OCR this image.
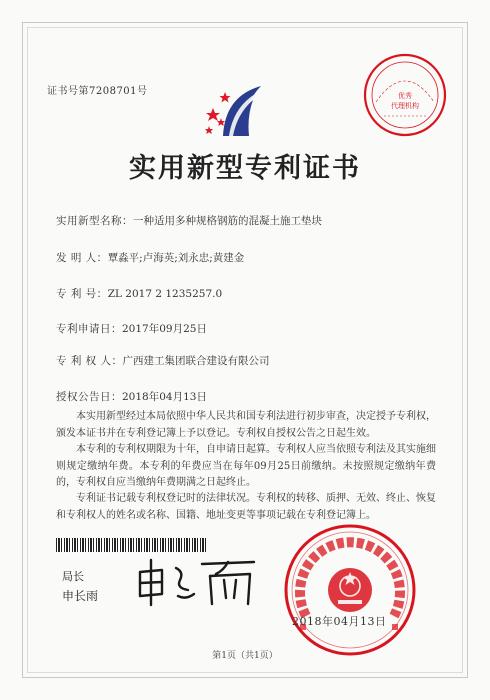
证书号第7208701号	优秀
代理机构
实用新型专利证书
实用新型名称：一种适用多种规格钢筋的混凝土施工垫块
发 明 人：覃淼平;卢海英;刘永忠;黄建金
专 利 号：ZL 2017 2 1235257.0
专利申请日：2017年09月25日
专 利 权 人：广西建工集团联合建设有限公司
授权公告日：2018年04月13日
本实用新型经过本局依照中华人民共和国专利法进行初步审查，决定授予专利权，颁发本证书并在专利登记簿上予以登记。专利权自授权公告之日起生效。
本专利的专利权期限为十年，自申请日起算。专利权人应当依照专利法及其实施细则规定缴纳年费。本专利的年费应当在每年09月25日前缴纳。未按照规定缴纳年费的，专利权自应当缴纳年费期满之日起终止。
专利证书记载专利权登记时的法律状况。专利权的转移、质押、无效、终止、恢复和专利权人的姓名或名称、国籍、地址变更等事项记载在专利登记簿上。
局长
申长雨
2018年04月13日
第1页（共1页）
